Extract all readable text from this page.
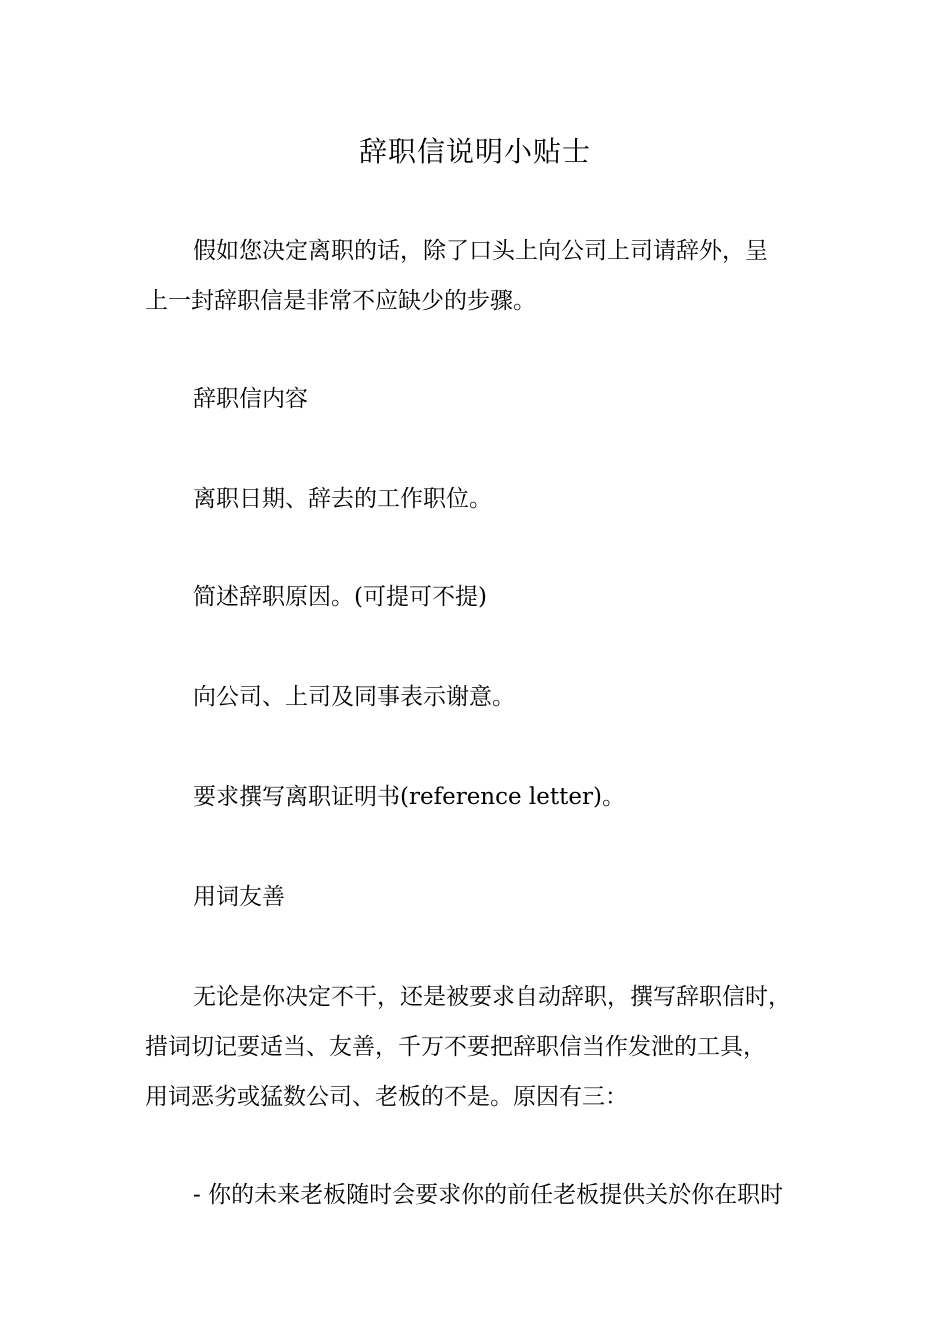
辞职信说明小贴士
假如您决定离职的话，除了口头上向公司上司请辞外，呈
上一封辞职信是非常不应缺少的步骤。
辞职信内容
离职日期、辞去的工作职位。
简述辞职原因。(可提可不提)
向公司、上司及同事表示谢意。
要求撰写离职证明书(reference letter)。
用词友善
无论是你决定不干，还是被要求自动辞职，撰写辞职信时，
措词切记要适当、友善，千万不要把辞职信当作发泄的工具，
用词恶劣或猛数公司、老板的不是。原因有三：
- 你的未来老板随时会要求你的前任老板提供关於你在职时
